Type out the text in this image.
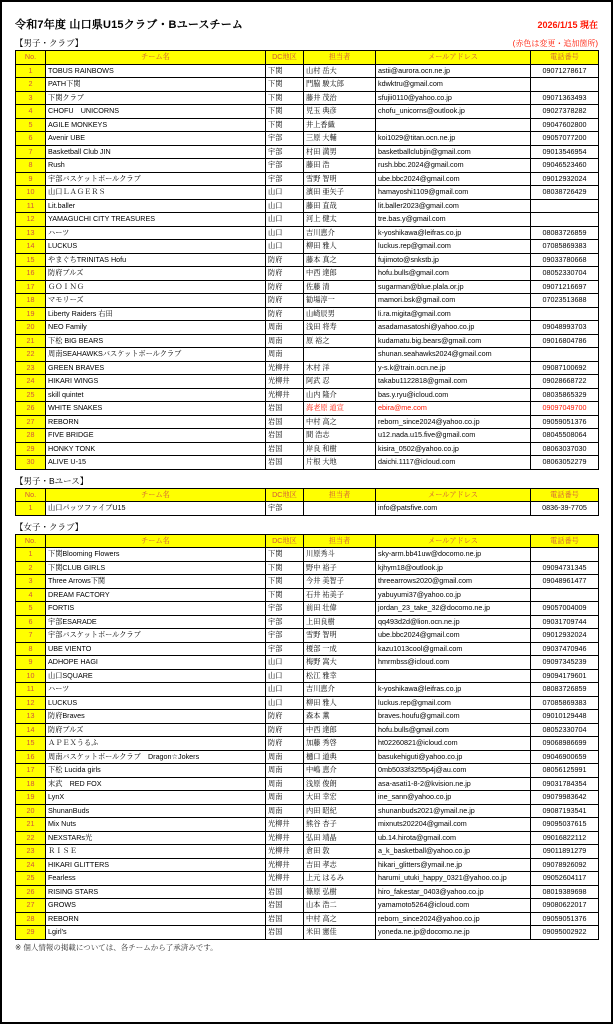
令和7年度 山口県U15クラブ・Bユースチーム	2026/1/15 現在
【男子・クラブ】	(赤色は変更・追加箇所)
No.	チーム名	DC地区	担当者	メールアドレス	電話番号
1	TOBUS RAINBOWS	下関	山村 岳大	astii@aurora.ocn.ne.jp	09071278617
2	PATH下関	下関	門脇 駿太郎	kdwktru@gmail.com	
3	下関クラブ	下関	藤井 茂治	sfujii0110@yahoo.co.jp	09071363493
4	CHOFU　UNICORNS	下関	児玉 典彦	chofu_unicorns@outlook.jp	09027378282
5	AGILE MONKEYS	下関	井上香織		09047602800
6	Avenir UBE	宇部	三原 大輔	koi1029@titan.ocn.ne.jp	09057077200
7	Basketball Club JIN	宇部	村田 満男	basketballclubjin@gmail.com	09013546954
8	Rush	宇部	藤田 浩	rush.bbc.2024@gmail.com	09046523460
9	宇部バスケットボールクラブ	宇部	雪野 智明	ube.bbc2024@gmail.com	09012932024
10	山口ＬＡＧＥＲＳ	山口	濱田 亜矢子	hamayoshi1109@gmail.com	08038726429
11	Lit.baller	山口	藤田 直哉	lit.baller2023@gmail.com	
12	YAMAGUCHI CITY TREASURES	山口	河上 健太	tre.bas.y@gmail.com	
13	ハーツ	山口	吉川恵介	k-yoshikawa@leifras.co.jp	08083726859
14	LUCKUS	山口	柳田 雅人	luckus.rep@gmail.com	07085869383
15	やまぐちTRINITAS Hofu	防府	藤本 真之	fujimoto@snkstb.jp	09033780668
16	防府ブルズ	防府	中西 達郎	hofu.bulls@gmail.com	08052330704
17	ＧＯＩＮＧ	防府	佐藤 清	sugarman@blue.plala.or.jp	09071216697
18	マモリーズ	防府	勧場淳一	mamori.bsk@gmail.com	07023513688
19	Liberty Raiders 右田	防府	山崎辰男	li.ra.migita@gmail.com	
20	NEO Family	周南	浅田 将寿	asadamasatoshi@yahoo.co.jp	09048993703
21	下松 BIG BEARS	周南	原 裕之	kudamatu.big.bears@gmail.com	09016804786
22	周南SEAHAWKSバスケットボールクラブ	周南		shunan.seahawks2024@gmail.com	
23	GREEN BRAVES	光柳井	木村 洋	y-s.k@train.ocn.ne.jp	09087100692
24	HIKARI WINGS	光柳井	阿武 忍	takabu1122818@gmail.com	09028668722
25	skill quintet	光柳井	山内 隆介	bas.y.ryu@icloud.com	08035865329
26	WHITE SNAKES	岩国	海老原 道宣	ebira@me.com	09097049700
27	REBORN	岩国	中村 高之	reborn_since2024@yahoo.co.jp	09059051376
28	FIVE BRIDGE	岩国	間 浩志	u12.nada.u15.five@gmail.com	08045508064
29	HONKY TONK	岩国	岸良 和樹	kisira_0502@yahoo.co.jp	08063037030
30	ALIVE U-15	岩国	片根 大地	daichi.1117@icloud.com	08063052279
【男子・Bユース】
No.	チーム名	DC地区	担当者	メールアドレス	電話番号
1	山口パッツファイブU15	宇部		info@patsfive.com	0836-39-7705
【女子・クラブ】
No.	チーム名	DC地区	担当者	メールアドレス	電話番号
1	下関Blooming Flowers	下関	川原秀斗	sky-arm.bb41uw@docomo.ne.jp	
2	下関CLUB GIRLS	下関	野中 裕子	kjhym18@outlook.jp	09094731345
3	Three Arrows下関	下関	今井 美智子	threearrows2020@gmail.com	09048961477
4	DREAM FACTORY	下関	石井 祐美子	yabuyumi37@yahoo.co.jp	
5	FORTIS	宇部	前田 壮偉	jordan_23_take_32@docomo.ne.jp	09057004009
6	宇部ESARADE	宇部	上田良樹	qq493d2d@lion.ocn.ne.jp	09031709744
7	宇部バスケットボールクラブ	宇部	雪野 智明	ube.bbc2024@gmail.com	09012932024
8	UBE VIENTO	宇部	榎部 一成	kazu1013cool@gmail.com	09037470946
9	ADHOPE HAGI	山口	梅野 嵩大	hmrmbss@icloud.com	09097345239
10	山口SQUARE	山口	松江 雅幸		09094179601
11	ハーツ	山口	吉川恵介	k-yoshikawa@leifras.co.jp	08083726859
12	LUCKUS	山口	柳田 雅人	luckus.rep@gmail.com	07085869383
13	防府Braves	防府	森本 薫	braves.houfu@gmail.com	09010129448
14	防府ブルズ	防府	中西 達郎	hofu.bulls@gmail.com	08052330704
15	ＡＰＥＸうるふ	防府	加藤 秀啓	ht02260821@icloud.com	09068986699
16	周南バスケットボールクラブ　Dragon☆Jokers	周南	樋口 道典	basukehiguti@yahoo.co.jp	09046900659
17	下松 Lucida girls	周南	中嶋 恵介	0mb5033f3255p4j@au.com	08056125991
18	末武　RED FOX	周南	浅原 俊朗	asa-asati1-8-2@kvision.ne.jp	09031784354
19	LynX	周南	大田 幸宏	ine_sann@yahoo.co.jp	09079983642
20	ShunanBuds	周南	内田 昭紀	shunanbuds2021@ymail.ne.jp	09087193541
21	Mix Nuts	光柳井	熊谷 杏子	mixnuts202204@gmail.com	09095037615
22	NEXSTARs光	光柳井	弘田 靖晶	ub.14.hirota@gmail.com	09016822112
23	ＲＩＳＥ	光柳井	倉田 敦	a_k_basketball@yahoo.co.jp	09011891279
24	HIKARI GLITTERS	光柳井	吉田 孝志	hikari_glitters@ymail.ne.jp	09078926092
25	Fearless	光柳井	上元 はるみ	harumi_utuki_happy_0321@yahoo.co.jp	09052604117
26	RISING STARS	岩国	篠原 弘樹	hiro_fakestar_0403@yahoo.co.jp	08019389698
27	GROWS	岩国	山本 浩二	yamamoto5264@icloud.com	09080622017
28	REBORN	岩国	中村 高之	reborn_since2024@yahoo.co.jp	09059051376
29	Lgirl's	岩国	米田 憲佳	yoneda.ne.jp@docomo.ne.jp	09095002922
※ 個人情報の掲載については、各チームから了承済みです。
